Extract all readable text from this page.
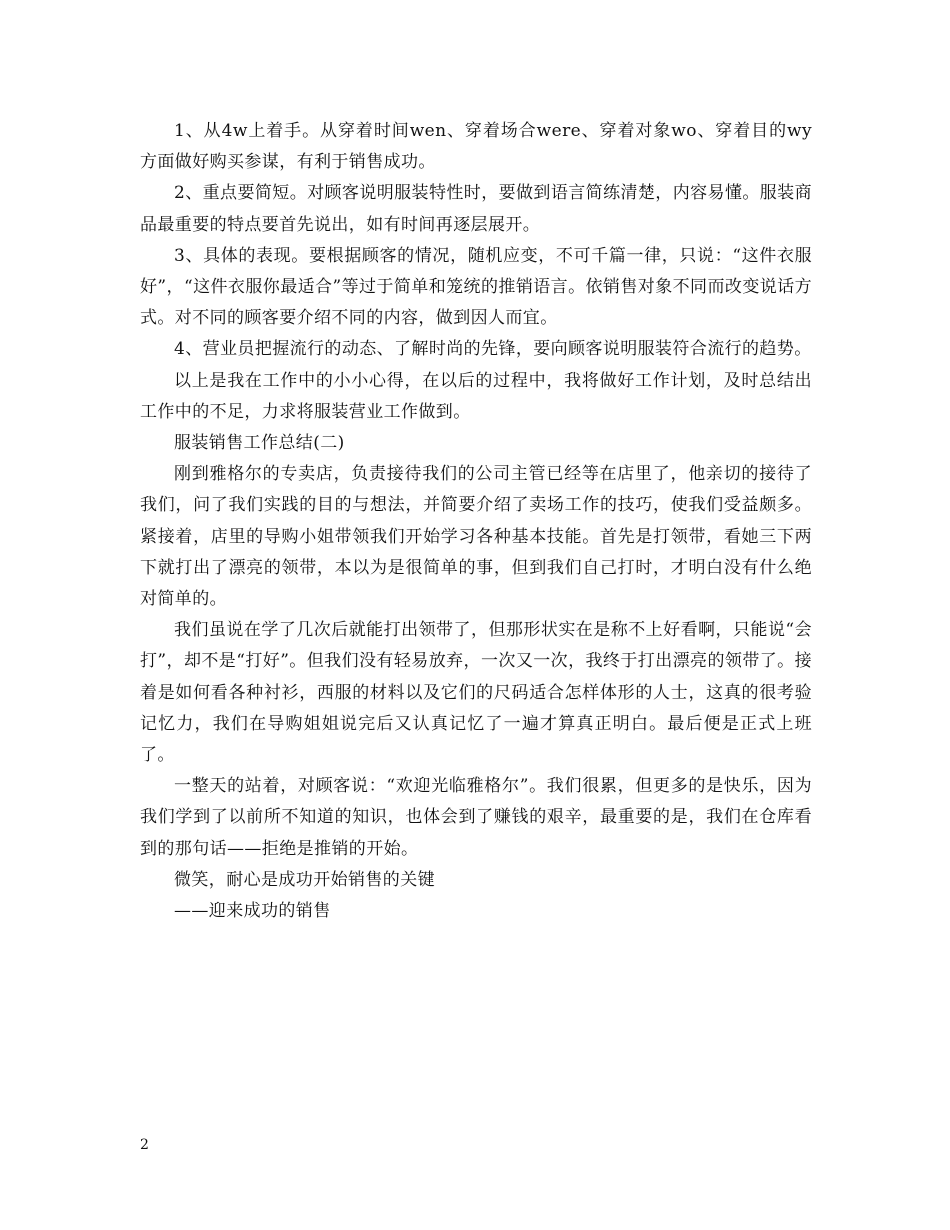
1、从4w上着手。从穿着时间wen、穿着场合were、穿着对象wo、穿着目的wy方面做好购买参谋，有利于销售成功。

2、重点要简短。对顾客说明服装特性时，要做到语言简练清楚，内容易懂。服装商品最重要的特点要首先说出，如有时间再逐层展开。

3、具体的表现。要根据顾客的情况，随机应变，不可千篇一律，只说：“这件衣服好”，“这件衣服你最适合”等过于简单和笼统的推销语言。依销售对象不同而改变说话方式。对不同的顾客要介绍不同的内容，做到因人而宜。

4、营业员把握流行的动态、了解时尚的先锋，要向顾客说明服装符合流行的趋势。

以上是我在工作中的小小心得，在以后的过程中，我将做好工作计划，及时总结出工作中的不足，力求将服装营业工作做到。

服装销售工作总结(二)

刚到雅格尔的专卖店，负责接待我们的公司主管已经等在店里了，他亲切的接待了我们，问了我们实践的目的与想法，并简要介绍了卖场工作的技巧，使我们受益颇多。紧接着，店里的导购小姐带领我们开始学习各种基本技能。首先是打领带，看她三下两下就打出了漂亮的领带，本以为是很简单的事，但到我们自己打时，才明白没有什么绝对简单的。

我们虽说在学了几次后就能打出领带了，但那形状实在是称不上好看啊，只能说“会打”，却不是“打好”。但我们没有轻易放弃，一次又一次，我终于打出漂亮的领带了。接着是如何看各种衬衫，西服的材料以及它们的尺码适合怎样体形的人士，这真的很考验记忆力，我们在导购姐姐说完后又认真记忆了一遍才算真正明白。最后便是正式上班了。

一整天的站着，对顾客说：“欢迎光临雅格尔”。我们很累，但更多的是快乐，因为我们学到了以前所不知道的知识，也体会到了赚钱的艰辛，最重要的是，我们在仓库看到的那句话——拒绝是推销的开始。

微笑，耐心是成功开始销售的关键

——迎来成功的销售

2
